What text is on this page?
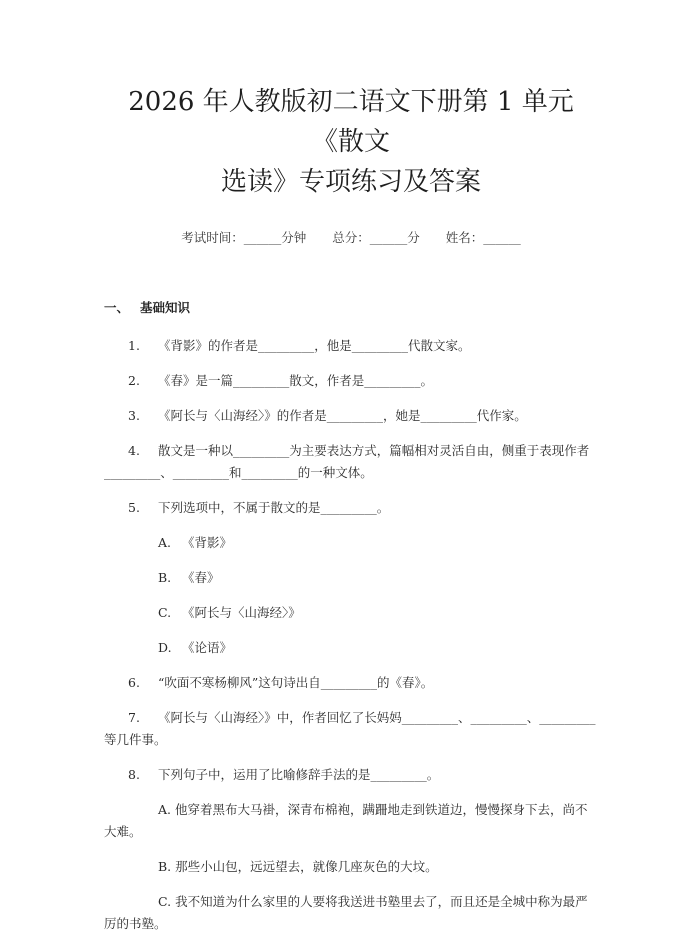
2026 年人教版初二语文下册第 1 单元《散文
选读》专项练习及答案
考试时间：______分钟 总分：______分 姓名：______
一、 基础知识
1. 《背影》的作者是_________，他是_________代散文家。
2. 《春》是一篇_________散文，作者是_________。
3. 《阿长与〈山海经〉》的作者是_________，她是_________代作家。
4. 散文是一种以_________为主要表达方式，篇幅相对灵活自由，侧重于表现作者_________、_________和_________的一种文体。
5. 下列选项中，不属于散文的是_________。
A. 《背影》
B. 《春》
C. 《阿长与〈山海经〉》
D. 《论语》
6. “吹面不寒杨柳风”这句诗出自_________的《春》。
7. 《阿长与〈山海经〉》中，作者回忆了长妈妈_________、_________、_________等几件事。
8. 下列句子中，运用了比喻修辞手法的是_________。
A. 他穿着黑布大马褂，深青布棉袍，蹒跚地走到铁道边，慢慢探身下去，尚不大难。
B. 那些小山包，远远望去，就像几座灰色的大坟。
C. 我不知道为什么家里的人要将我送进书塾里去了，而且还是全城中称为最严厉的书塾。
